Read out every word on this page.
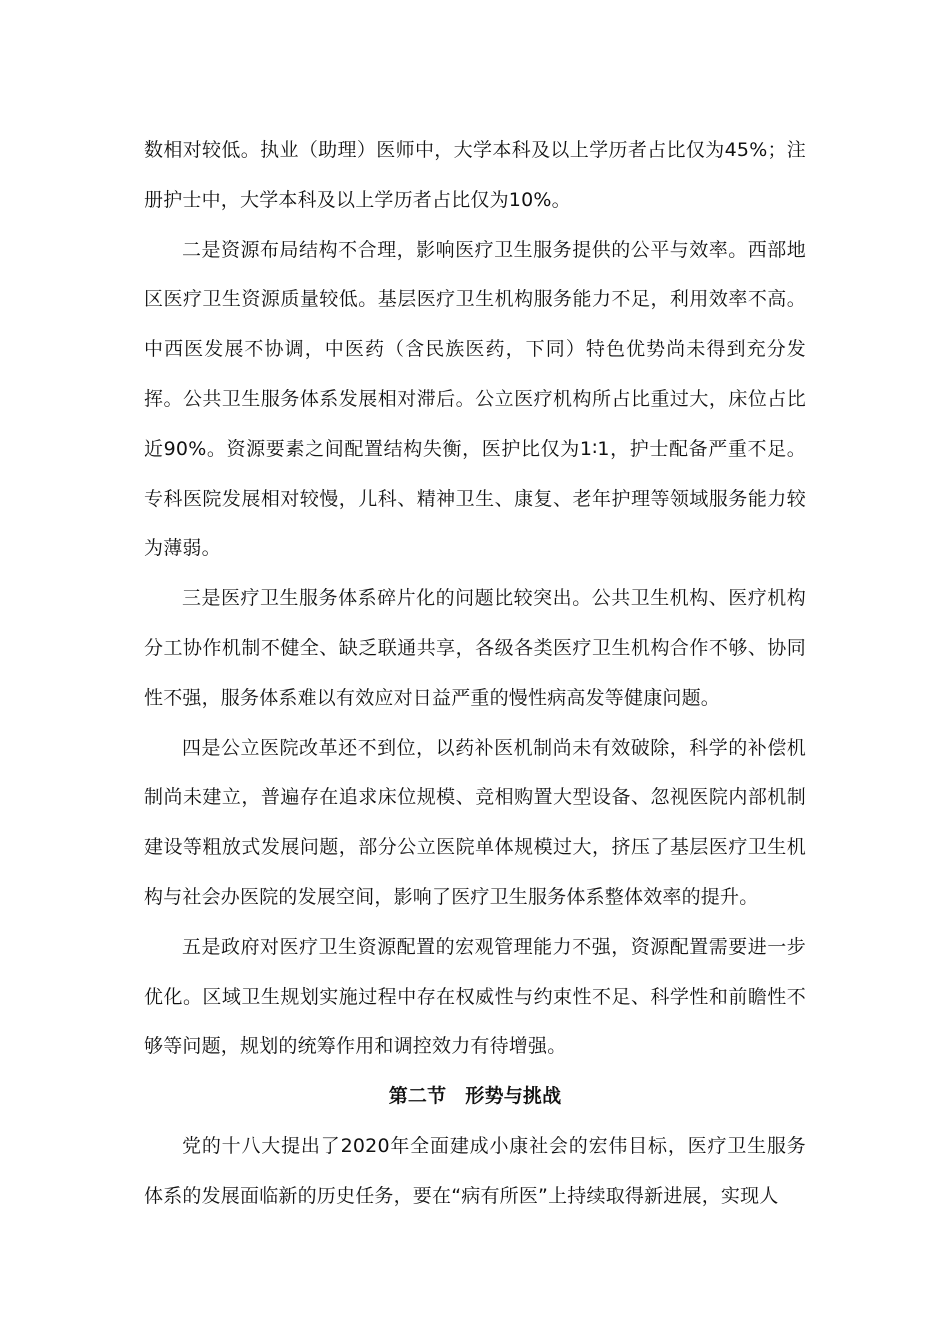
数相对较低。执业（助理）医师中，大学本科及以上学历者占比仅为45%；注册护士中，大学本科及以上学历者占比仅为10%。

二是资源布局结构不合理，影响医疗卫生服务提供的公平与效率。西部地区医疗卫生资源质量较低。基层医疗卫生机构服务能力不足，利用效率不高。中西医发展不协调，中医药（含民族医药，下同）特色优势尚未得到充分发挥。公共卫生服务体系发展相对滞后。公立医疗机构所占比重过大，床位占比近90%。资源要素之间配置结构失衡，医护比仅为1∶1，护士配备严重不足。专科医院发展相对较慢，儿科、精神卫生、康复、老年护理等领域服务能力较为薄弱。

三是医疗卫生服务体系碎片化的问题比较突出。公共卫生机构、医疗机构分工协作机制不健全、缺乏联通共享，各级各类医疗卫生机构合作不够、协同性不强，服务体系难以有效应对日益严重的慢性病高发等健康问题。

四是公立医院改革还不到位，以药补医机制尚未有效破除，科学的补偿机制尚未建立，普遍存在追求床位规模、竞相购置大型设备、忽视医院内部机制建设等粗放式发展问题，部分公立医院单体规模过大，挤压了基层医疗卫生机构与社会办医院的发展空间，影响了医疗卫生服务体系整体效率的提升。

五是政府对医疗卫生资源配置的宏观管理能力不强，资源配置需要进一步优化。区域卫生规划实施过程中存在权威性与约束性不足、科学性和前瞻性不够等问题，规划的统筹作用和调控效力有待增强。

第二节 形势与挑战

党的十八大提出了2020年全面建成小康社会的宏伟目标，医疗卫生服务体系的发展面临新的历史任务，要在“病有所医”上持续取得新进展，实现人
